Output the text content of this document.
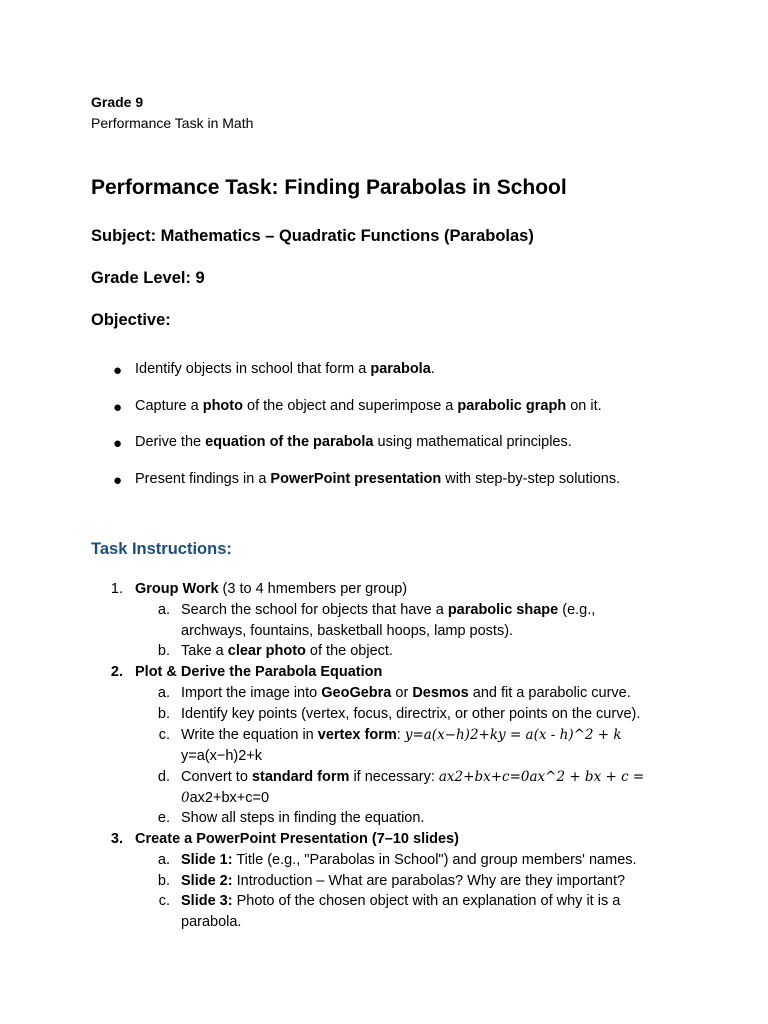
Grade 9
Performance Task in Math
Performance Task: Finding Parabolas in School
Subject: Mathematics – Quadratic Functions (Parabolas)
Grade Level: 9
Objective:
● Identify objects in school that form a parabola.
● Capture a photo of the object and superimpose a parabolic graph on it.
● Derive the equation of the parabola using mathematical principles.
● Present findings in a PowerPoint presentation with step-by-step solutions.
Task Instructions:
1. Group Work (3 to 4 hmembers per group)
a. Search the school for objects that have a parabolic shape (e.g.,
archways, fountains, basketball hoops, lamp posts).
b. Take a clear photo of the object.
2. Plot & Derive the Parabola Equation
a. Import the image into GeoGebra or Desmos and fit a parabolic curve.
b. Identify key points (vertex, focus, directrix, or other points on the curve).
c. Write the equation in vertex form: y=a(x−h)2+ky = a(x - h)^2 + k
y=a(x−h)2+k
d. Convert to standard form if necessary: ax2+bx+c=0ax^2 + bx + c =
0ax2+bx+c=0
e. Show all steps in finding the equation.
3. Create a PowerPoint Presentation (7–10 slides)
a. Slide 1: Title (e.g., "Parabolas in School") and group members' names.
b. Slide 2: Introduction – What are parabolas? Why are they important?
c. Slide 3: Photo of the chosen object with an explanation of why it is a
parabola.
